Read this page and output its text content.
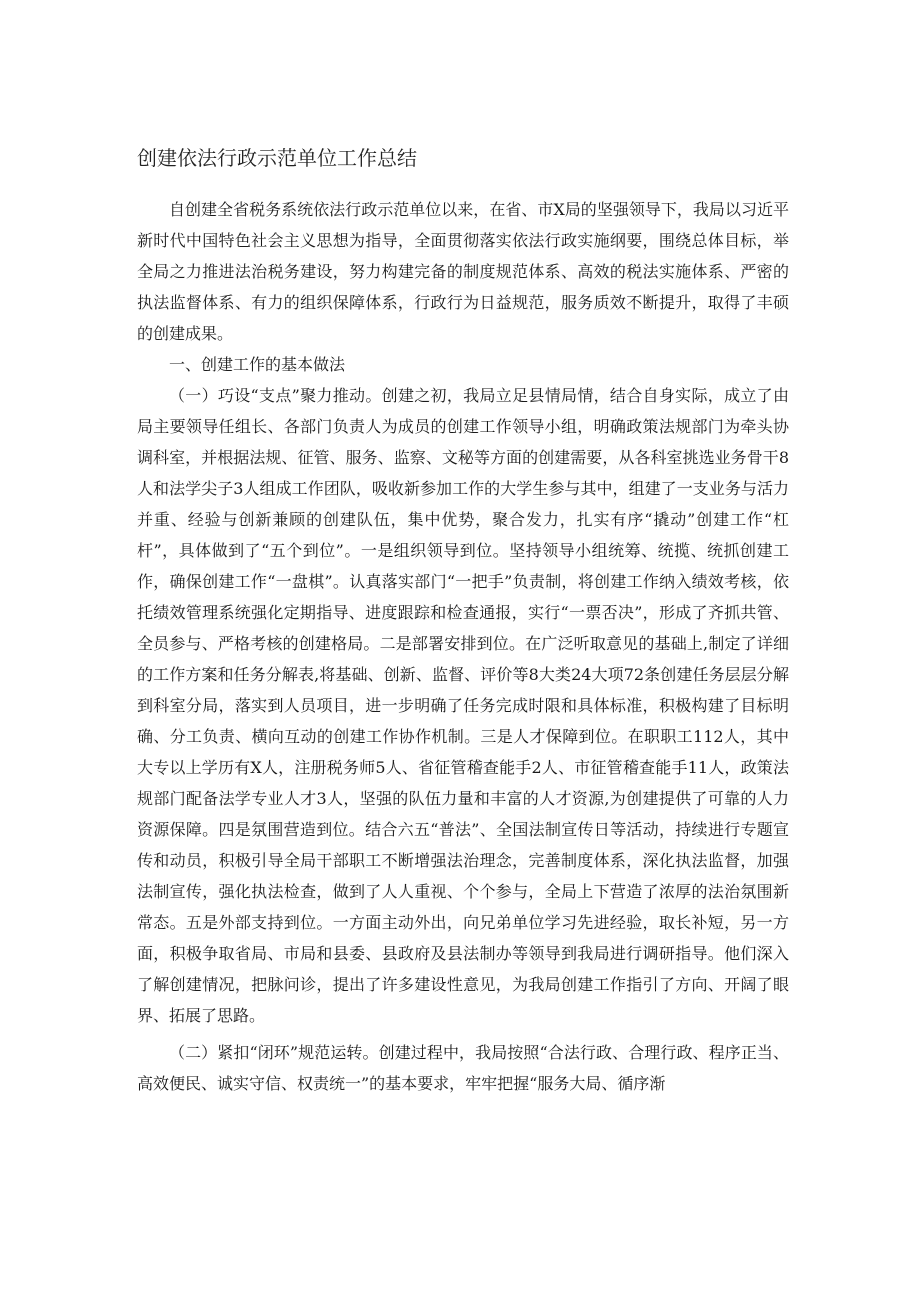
创建依法行政示范单位工作总结

自创建全省税务系统依法行政示范单位以来，在省、市X局的坚强领导下，我局以习近平新时代中国特色社会主义思想为指导，全面贯彻落实依法行政实施纲要，围绕总体目标，举全局之力推进法治税务建设，努力构建完备的制度规范体系、高效的税法实施体系、严密的执法监督体系、有力的组织保障体系，行政行为日益规范，服务质效不断提升，取得了丰硕的创建成果。

一、创建工作的基本做法

（一）巧设“支点”聚力推动。创建之初，我局立足县情局情，结合自身实际，成立了由局主要领导任组长、各部门负责人为成员的创建工作领导小组，明确政策法规部门为牵头协调科室，并根据法规、征管、服务、监察、文秘等方面的创建需要，从各科室挑选业务骨干8人和法学尖子3人组成工作团队，吸收新参加工作的大学生参与其中，组建了一支业务与活力并重、经验与创新兼顾的创建队伍，集中优势，聚合发力，扎实有序“撬动”创建工作“杠杆”，具体做到了“五个到位”。一是组织领导到位。坚持领导小组统筹、统揽、统抓创建工作，确保创建工作“一盘棋”。认真落实部门“一把手”负责制，将创建工作纳入绩效考核，依托绩效管理系统强化定期指导、进度跟踪和检查通报，实行“一票否决”，形成了齐抓共管、全员参与、严格考核的创建格局。二是部署安排到位。在广泛听取意见的基础上,制定了详细的工作方案和任务分解表,将基础、创新、监督、评价等8大类24大项72条创建任务层层分解到科室分局，落实到人员项目，进一步明确了任务完成时限和具体标准，积极构建了目标明确、分工负责、横向互动的创建工作协作机制。三是人才保障到位。在职职工112人，其中大专以上学历有X人，注册税务师5人、省征管稽查能手2人、市征管稽查能手11人，政策法规部门配备法学专业人才3人，坚强的队伍力量和丰富的人才资源,为创建提供了可靠的人力资源保障。四是氛围营造到位。结合六五“普法”、全国法制宣传日等活动，持续进行专题宣传和动员，积极引导全局干部职工不断增强法治理念，完善制度体系，深化执法监督，加强法制宣传，强化执法检查，做到了人人重视、个个参与，全局上下营造了浓厚的法治氛围新常态。五是外部支持到位。一方面主动外出，向兄弟单位学习先进经验，取长补短，另一方面，积极争取省局、市局和县委、县政府及县法制办等领导到我局进行调研指导。他们深入了解创建情况，把脉问诊，提出了许多建设性意见，为我局创建工作指引了方向、开阔了眼界、拓展了思路。

（二）紧扣“闭环”规范运转。创建过程中，我局按照“合法行政、合理行政、程序正当、高效便民、诚实守信、权责统一”的基本要求，牢牢把握“服务大局、循序渐
